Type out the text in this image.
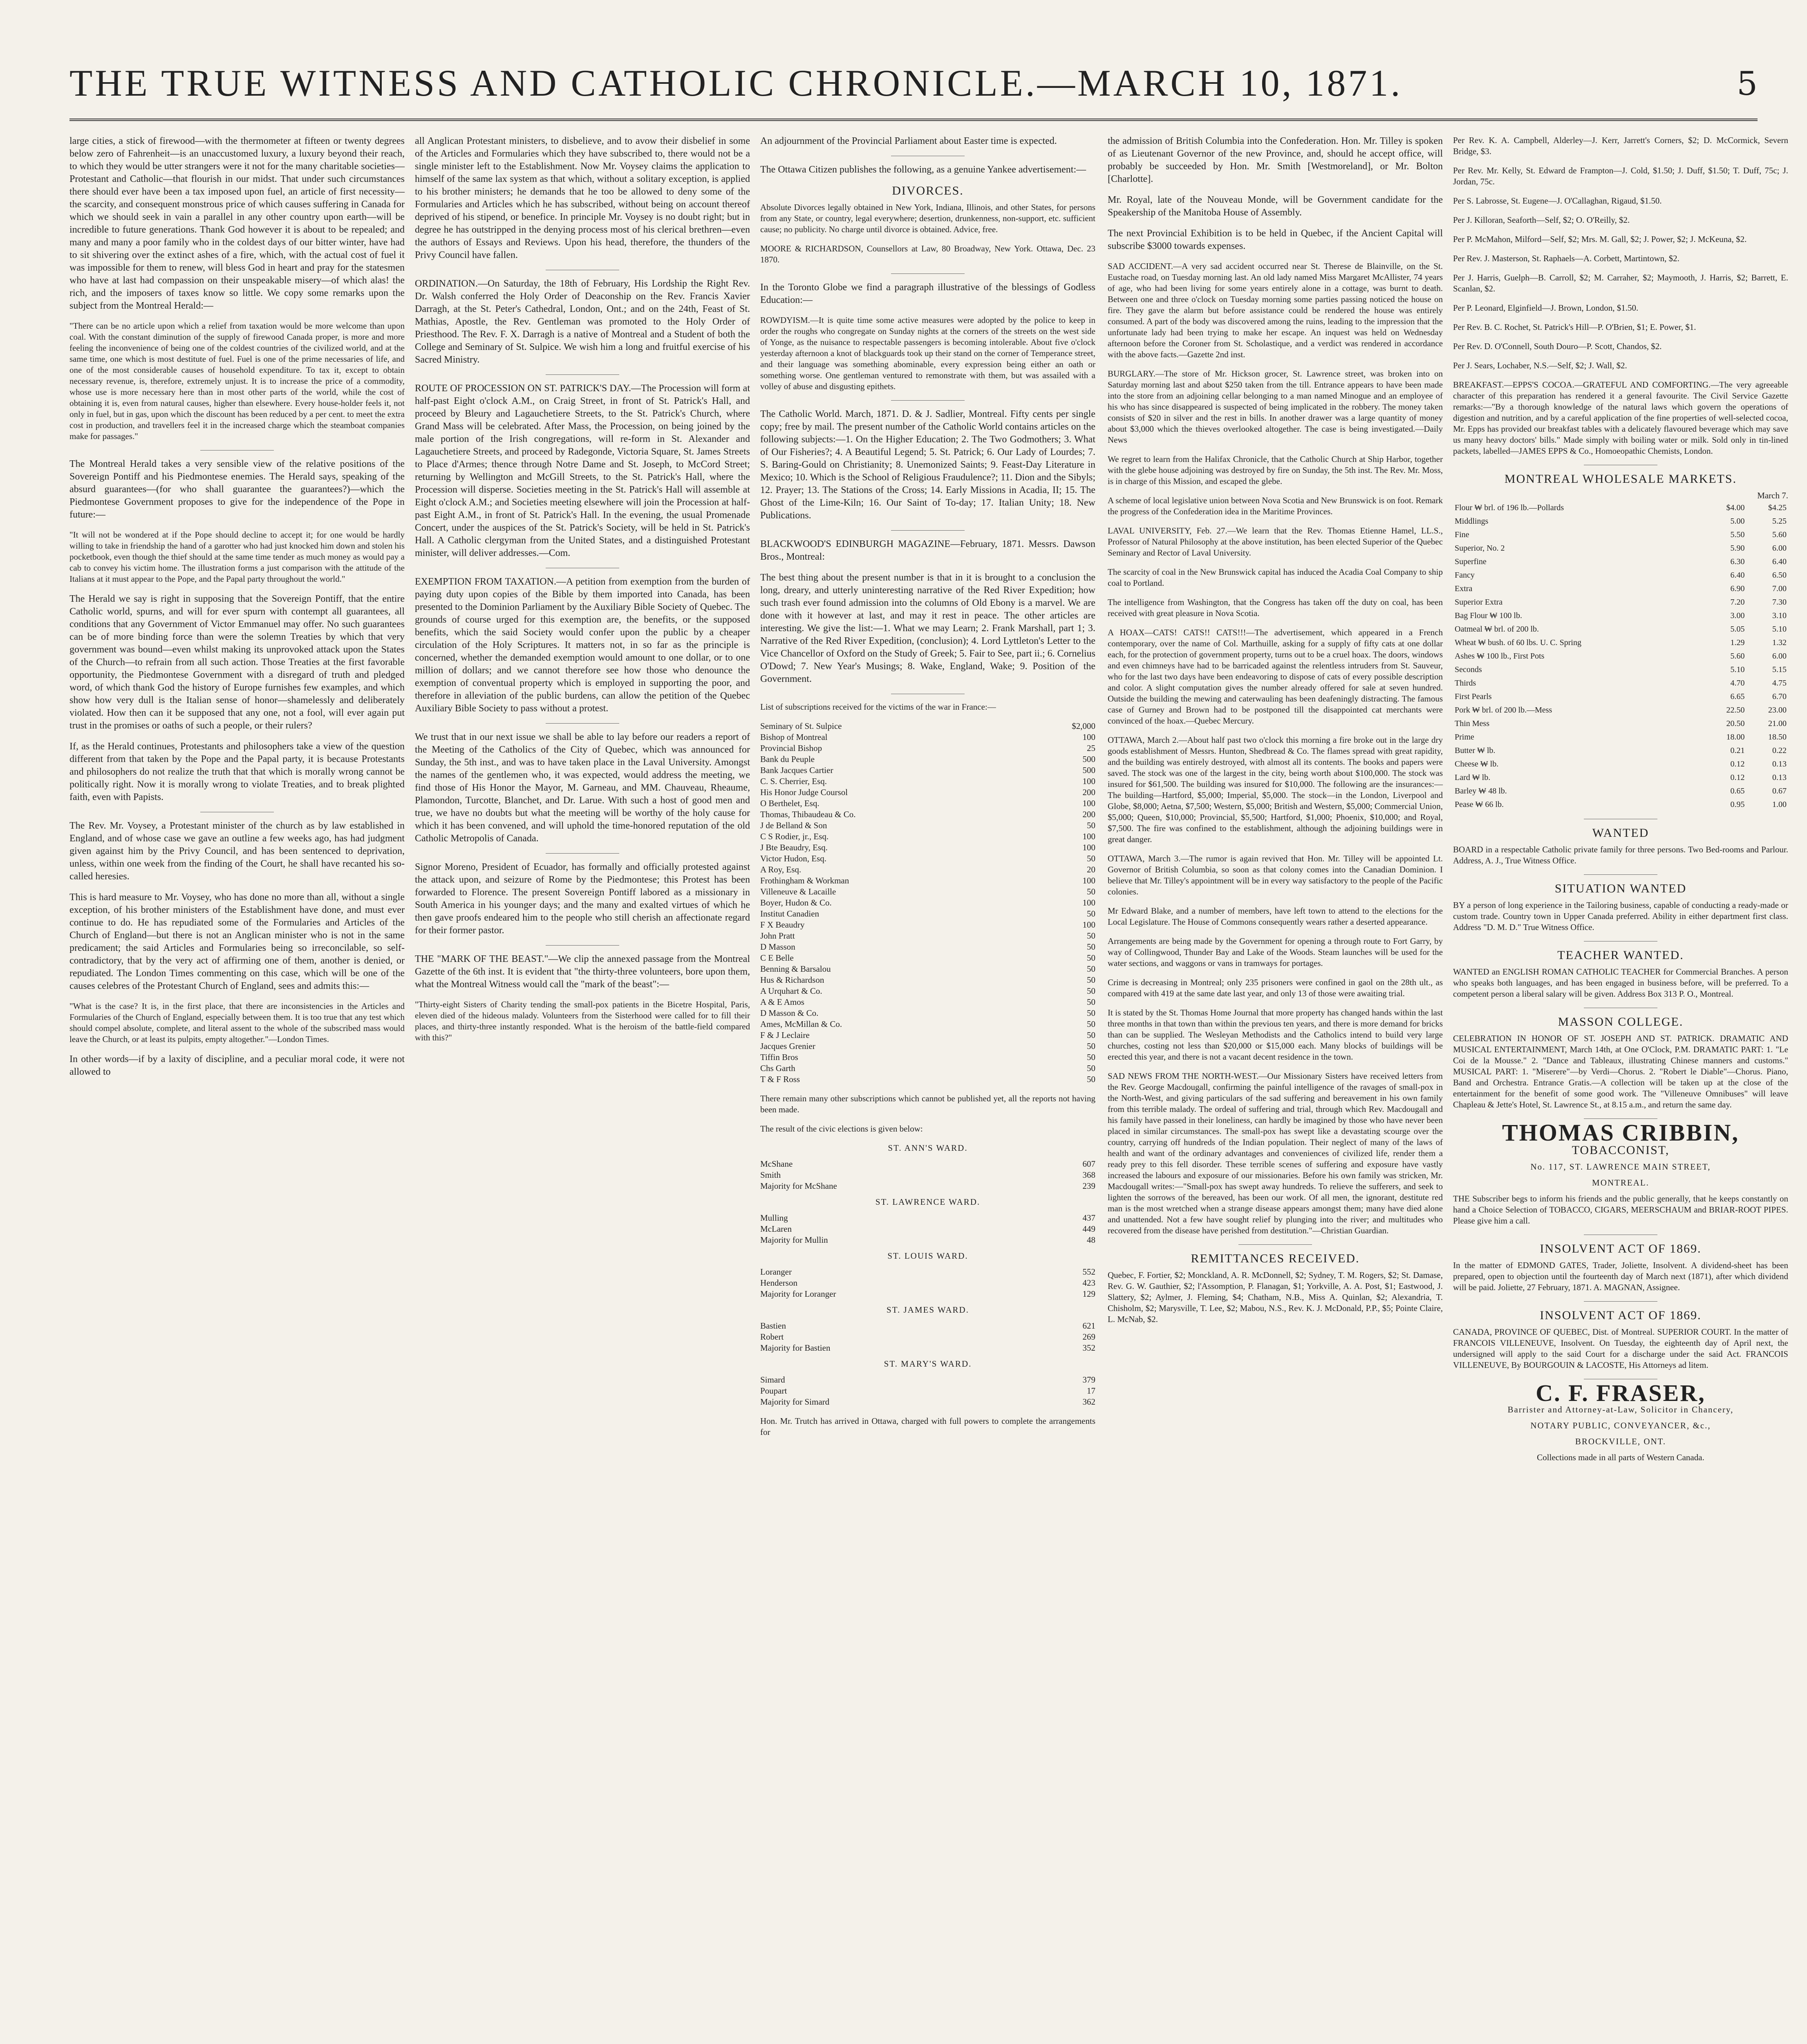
THE TRUE WITNESS AND CATHOLIC CHRONICLE.—MARCH 10, 1871.	5
large cities, a stick of firewood—with the thermometer at fifteen or twenty degrees below zero of Fahrenheit—is an unaccustomed luxury, a luxury beyond their reach, to which they would be utter strangers were it not for the many charitable societies—Protestant and Catholic—that flourish in our midst. That under such circumstances there should ever have been a tax imposed upon fuel, an article of first necessity—the scarcity, and consequent monstrous price of which causes suffering in Canada for which we should seek in vain a parallel in any other country upon earth—will be incredible to future generations. Thank God however it is about to be repealed; and many and many a poor family who in the coldest days of our bitter winter, have had to sit shivering over the extinct ashes of a fire, which, with the actual cost of fuel it was impossible for them to renew, will bless God in heart and pray for the statesmen who have at last had compassion on their unspeakable misery—of which alas! the rich, and the imposers of taxes know so little. We copy some remarks upon the subject from the Montreal Herald:—
"There can be no article upon which a relief from taxation would be more welcome than upon coal. With the constant diminution of the supply of firewood Canada proper, is more and more feeling the inconvenience of being one of the coldest countries of the civilized world, and at the same time, one which is most destitute of fuel. Fuel is one of the prime necessaries of life, and one of the most considerable causes of household expenditure. To tax it, except to obtain necessary revenue, is, therefore, extremely unjust. It is to increase the price of a commodity, whose use is more necessary here than in most other parts of the world, while the cost of obtaining it is, even from natural causes, higher than elsewhere. Every house-holder feels it, not only in fuel, but in gas, upon which the discount has been reduced by a per cent. to meet the extra cost in production, and travellers feel it in the increased charge which the steamboat companies make for passages."
The Montreal Herald takes a very sensible view of the relative positions of the Sovereign Pontiff and his Piedmontese enemies. The Herald says, speaking of the absurd guarantees—(for who shall guarantee the guarantees?)—which the Piedmontese Government proposes to give for the independence of the Pope in future:—
"It will not be wondered at if the Pope should decline to accept it; for one would be hardly willing to take in friendship the hand of a garotter who had just knocked him down and stolen his pocketbook, even though the thief should at the same time tender as much money as would pay a cab to convey his victim home. The illustration forms a just comparison with the attitude of the Italians at it must appear to the Pope, and the Papal party throughout the world."
The Herald we say is right in supposing that the Sovereign Pontiff, that the entire Catholic world, spurns, and will for ever spurn with contempt all guarantees, all conditions that any Government of Victor Emmanuel may offer. No such guarantees can be of more binding force than were the solemn Treaties by which that very government was bound—even whilst making its unprovoked attack upon the States of the Church—to refrain from all such action. Those Treaties at the first favorable opportunity, the Piedmontese Government with a disregard of truth and pledged word, of which thank God the history of Europe furnishes few examples, and which show how very dull is the Italian sense of honor—shamelessly and deliberately violated. How then can it be supposed that any one, not a fool, will ever again put trust in the promises or oaths of such a people, or their rulers?
If, as the Herald continues, Protestants and philosophers take a view of the question different from that taken by the Pope and the Papal party, it is because Protestants and philosophers do not realize the truth that that which is morally wrong cannot be politically right. Now it is morally wrong to violate Treaties, and to break plighted faith, even with Papists.
The Rev. Mr. Voysey, a Protestant minister of the church as by law established in England, and of whose case we gave an outline a few weeks ago, has had judgment given against him by the Privy Council, and has been sentenced to deprivation, unless, within one week from the finding of the Court, he shall have recanted his so-called heresies.
This is hard measure to Mr. Voysey, who has done no more than all, without a single exception, of his brother ministers of the Establishment have done, and must ever continue to do. He has repudiated some of the Formularies and Articles of the Church of England—but there is not an Anglican minister who is not in the same predicament; the said Articles and Formularies being so irreconcilable, so self-contradictory, that by the very act of affirming one of them, another is denied, or repudiated. The London Times commenting on this case, which will be one of the causes celebres of the Protestant Church of England, sees and admits this:—
"What is the case? It is, in the first place, that there are inconsistencies in the Articles and Formularies of the Church of England, especially between them. It is too true that any test which should compel absolute, complete, and literal assent to the whole of the subscribed mass would leave the Church, or at least its pulpits, empty altogether."—London Times.
In other words—if by a laxity of discipline, and a peculiar moral code, it were not allowed to
all Anglican Protestant ministers, to disbelieve, and to avow their disbelief in some of the Articles and Formularies which they have subscribed to, there would not be a single minister left to the Establishment. Now Mr. Voysey claims the application to himself of the same lax system as that which, without a solitary exception, is applied to his brother ministers; he demands that he too be allowed to deny some of the Formularies and Articles which he has subscribed, without being on account thereof deprived of his stipend, or benefice. In principle Mr. Voysey is no doubt right; but in degree he has outstripped in the denying process most of his clerical brethren—even the authors of Essays and Reviews. Upon his head, therefore, the thunders of the Privy Council have fallen.
ORDINATION.—On Saturday, the 18th of February, His Lordship the Right Rev. Dr. Walsh conferred the Holy Order of Deaconship on the Rev. Francis Xavier Darragh, at the St. Peter's Cathedral, London, Ont.; and on the 24th, Feast of St. Mathias, Apostle, the Rev. Gentleman was promoted to the Holy Order of Priesthood. The Rev. F. X. Darragh is a native of Montreal and a Student of both the College and Seminary of St. Sulpice. We wish him a long and fruitful exercise of his Sacred Ministry.
ROUTE OF PROCESSION ON ST. PATRICK'S DAY.—The Procession will form at half-past Eight o'clock A.M., on Craig Street, in front of St. Patrick's Hall, and proceed by Bleury and Lagauchetiere Streets, to the St. Patrick's Church, where Grand Mass will be celebrated. After Mass, the Procession, on being joined by the male portion of the Irish congregations, will re-form in St. Alexander and Lagauchetiere Streets, and proceed by Radegonde, Victoria Square, St. James Streets to Place d'Armes; thence through Notre Dame and St. Joseph, to McCord Street; returning by Wellington and McGill Streets, to the St. Patrick's Hall, where the Procession will disperse. Societies meeting in the St. Patrick's Hall will assemble at Eight o'clock A.M.; and Societies meeting elsewhere will join the Procession at half-past Eight A.M., in front of St. Patrick's Hall. In the evening, the usual Promenade Concert, under the auspices of the St. Patrick's Society, will be held in St. Patrick's Hall. A Catholic clergyman from the United States, and a distinguished Protestant minister, will deliver addresses.—Com.
EXEMPTION FROM TAXATION.—A petition from exemption from the burden of paying duty upon copies of the Bible by them imported into Canada, has been presented to the Dominion Parliament by the Auxiliary Bible Society of Quebec. The grounds of course urged for this exemption are, the benefits, or the supposed benefits, which the said Society would confer upon the public by a cheaper circulation of the Holy Scriptures. It matters not, in so far as the principle is concerned, whether the demanded exemption would amount to one dollar, or to one million of dollars; and we cannot therefore see how those who denounce the exemption of conventual property which is employed in supporting the poor, and therefore in alleviation of the public burdens, can allow the petition of the Quebec Auxiliary Bible Society to pass without a protest.
We trust that in our next issue we shall be able to lay before our readers a report of the Meeting of the Catholics of the City of Quebec, which was announced for Sunday, the 5th inst., and was to have taken place in the Laval University. Amongst the names of the gentlemen who, it was expected, would address the meeting, we find those of His Honor the Mayor, M. Garneau, and MM. Chauveau, Rheaume, Plamondon, Turcotte, Blanchet, and Dr. Larue. With such a host of good men and true, we have no doubts but what the meeting will be worthy of the holy cause for which it has been convened, and will uphold the time-honored reputation of the old Catholic Metropolis of Canada.
Signor Moreno, President of Ecuador, has formally and officially protested against the attack upon, and seizure of Rome by the Piedmontese; this Protest has been forwarded to Florence. The present Sovereign Pontiff labored as a missionary in South America in his younger days; and the many and exalted virtues of which he then gave proofs endeared him to the people who still cherish an affectionate regard for their former pastor.
THE "MARK OF THE BEAST."—We clip the annexed passage from the Montreal Gazette of the 6th inst. It is evident that "the thirty-three volunteers, bore upon them, what the Montreal Witness would call the "mark of the beast":—
"Thirty-eight Sisters of Charity tending the small-pox patients in the Bicetre Hospital, Paris, eleven died of the hideous malady. Volunteers from the Sisterhood were called for to fill their places, and thirty-three instantly responded. What is the heroism of the battle-field compared with this?"
An adjournment of the Provincial Parliament about Easter time is expected.
The Ottawa Citizen publishes the following, as a genuine Yankee advertisement:—
DIVORCES.
Absolute Divorces legally obtained in New York, Indiana, Illinois, and other States, for persons from any State, or country, legal everywhere; desertion, drunkenness, non-support, etc. sufficient cause; no publicity. No charge until divorce is obtained. Advice, free.
MOORE & RICHARDSON, Counsellors at Law, 80 Broadway, New York. Ottawa, Dec. 23 1870.
In the Toronto Globe we find a paragraph illustrative of the blessings of Godless Education:—
ROWDYISM.—It is quite time some active measures were adopted by the police to keep in order the roughs who congregate on Sunday nights at the corners of the streets on the west side of Yonge, as the nuisance to respectable passengers is becoming intolerable. About five o'clock yesterday afternoon a knot of blackguards took up their stand on the corner of Temperance street, and their language was something abominable, every expression being either an oath or something worse. One gentleman ventured to remonstrate with them, but was assailed with a volley of abuse and disgusting epithets.
The Catholic World. March, 1871. D. & J. Sadlier, Montreal. Fifty cents per single copy; free by mail. The present number of the Catholic World contains articles on the following subjects:—1. On the Higher Education; 2. The Two Godmothers; 3. What of Our Fisheries?; 4. A Beautiful Legend; 5. St. Patrick; 6. Our Lady of Lourdes; 7. S. Baring-Gould on Christianity; 8. Unemonized Saints; 9. Feast-Day Literature in Mexico; 10. Which is the School of Religious Fraudulence?; 11. Dion and the Sibyls; 12. Prayer; 13. The Stations of the Cross; 14. Early Missions in Acadia, II; 15. The Ghost of the Lime-Kiln; 16. Our Saint of To-day; 17. Italian Unity; 18. New Publications.
BLACKWOOD'S EDINBURGH MAGAZINE—February, 1871. Messrs. Dawson Bros., Montreal:
The best thing about the present number is that in it is brought to a conclusion the long, dreary, and utterly uninteresting narrative of the Red River Expedition; how such trash ever found admission into the columns of Old Ebony is a marvel. We are done with it however at last, and may it rest in peace. The other articles are interesting. We give the list:—1. What we may Learn; 2. Frank Marshall, part 1; 3. Narrative of the Red River Expedition, (conclusion); 4. Lord Lyttleton's Letter to the Vice Chancellor of Oxford on the Study of Greek; 5. Fair to See, part ii.; 6. Cornelius O'Dowd; 7. New Year's Musings; 8. Wake, England, Wake; 9. Position of the Government.
List of subscriptions received for the victims of the war in France:—
Seminary of St. Sulpice	$2,000
Bishop of Montreal	100
Provincial Bishop	25
Bank du Peuple	500
Bank Jacques Cartier	500
C. S. Cherrier, Esq.	100
His Honor Judge Coursol	200
O Berthelet, Esq.	100
Thomas, Thibaudeau & Co.	200
J de Belland & Son	50
C S Rodier, jr., Esq.	100
J Bte Beaudry, Esq.	100
Victor Hudon, Esq.	50
A Roy, Esq.	20
Frothingham & Workman	100
Villeneuve & Lacaille	50
Boyer, Hudon & Co.	100
Institut Canadien	50
F X Beaudry	100
John Pratt	50
D Masson	50
C E Belle	50
Benning & Barsalou	50
Hus & Richardson	50
A Urquhart & Co.	50
A & E Amos	50
D Masson & Co.	50
Ames, McMillan & Co.	50
F & J Leclaire	50
Jacques Grenier	50
Tiffin Bros	50
Chs Garth	50
T & F Ross	50
There remain many other subscriptions which cannot be published yet, all the reports not having been made.
The result of the civic elections is given below:
ST. ANN'S WARD.
McShane	607
Smith	368
Majority for McShane	239
ST. LAWRENCE WARD.
Mulling	437
McLaren	449
Majority for Mullin	48
ST. LOUIS WARD.
Loranger	552
Henderson	423
Majority for Loranger	129
ST. JAMES WARD.
Bastien	621
Robert	269
Majority for Bastien	352
ST. MARY'S WARD.
Simard	379
Poupart	17
Majority for Simard	362
Hon. Mr. Trutch has arrived in Ottawa, charged with full powers to complete the arrangements for
the admission of British Columbia into the Confederation. Hon. Mr. Tilley is spoken of as Lieutenant Governor of the new Province, and, should he accept office, will probably be succeeded by Hon. Mr. Smith [Westmoreland], or Mr. Bolton [Charlotte].
Mr. Royal, late of the Nouveau Monde, will be Government candidate for the Speakership of the Manitoba House of Assembly.
The next Provincial Exhibition is to be held in Quebec, if the Ancient Capital will subscribe $3000 towards expenses.
SAD ACCIDENT.—A very sad accident occurred near St. Therese de Blainville, on the St. Eustache road, on Tuesday morning last. An old lady named Miss Margaret McAllister, 74 years of age, who had been living for some years entirely alone in a cottage, was burnt to death. Between one and three o'clock on Tuesday morning some parties passing noticed the house on fire. They gave the alarm but before assistance could be rendered the house was entirely consumed. A part of the body was discovered among the ruins, leading to the impression that the unfortunate lady had been trying to make her escape. An inquest was held on Wednesday afternoon before the Coroner from St. Scholastique, and a verdict was rendered in accordance with the above facts.—Gazette 2nd inst.
BURGLARY.—The store of Mr. Hickson grocer, St. Lawrence street, was broken into on Saturday morning last and about $250 taken from the till. Entrance appears to have been made into the store from an adjoining cellar belonging to a man named Minogue and an employee of his who has since disappeared is suspected of being implicated in the robbery. The money taken consists of $20 in silver and the rest in bills. In another drawer was a large quantity of money about $3,000 which the thieves overlooked altogether. The case is being investigated.—Daily News
We regret to learn from the Halifax Chronicle, that the Catholic Church at Ship Harbor, together with the glebe house adjoining was destroyed by fire on Sunday, the 5th inst. The Rev. Mr. Moss, is in charge of this Mission, and escaped the glebe.
A scheme of local legislative union between Nova Scotia and New Brunswick is on foot. Remark the progress of the Confederation idea in the Maritime Provinces.
LAVAL UNIVERSITY, Feb. 27.—We learn that the Rev. Thomas Etienne Hamel, LL.S., Professor of Natural Philosophy at the above institution, has been elected Superior of the Quebec Seminary and Rector of Laval University.
The scarcity of coal in the New Brunswick capital has induced the Acadia Coal Company to ship coal to Portland.
The intelligence from Washington, that the Congress has taken off the duty on coal, has been received with great pleasure in Nova Scotia.
A HOAX—CATS! CATS!! CATS!!!—The advertisement, which appeared in a French contemporary, over the name of Col. Marthuille, asking for a supply of fifty cats at one dollar each, for the protection of government property, turns out to be a cruel hoax. The doors, windows and even chimneys have had to be barricaded against the relentless intruders from St. Sauveur, who for the last two days have been endeavoring to dispose of cats of every possible description and color. A slight computation gives the number already offered for sale at seven hundred. Outside the building the mewing and caterwauling has been deafeningly distracting. The famous case of Gurney and Brown had to be postponed till the disappointed cat merchants were convinced of the hoax.—Quebec Mercury.
OTTAWA, March 2.—About half past two o'clock this morning a fire broke out in the large dry goods establishment of Messrs. Hunton, Shedbread & Co. The flames spread with great rapidity, and the building was entirely destroyed, with almost all its contents. The books and papers were saved. The stock was one of the largest in the city, being worth about $100,000. The stock was insured for $61,500. The building was insured for $10,000. The following are the insurances:—The building—Hartford, $5,000; Imperial, $5,000. The stock—in the London, Liverpool and Globe, $8,000; Aetna, $7,500; Western, $5,000; British and Western, $5,000; Commercial Union, $5,000; Queen, $10,000; Provincial, $5,500; Hartford, $1,000; Phoenix, $10,000; and Royal, $7,500. The fire was confined to the establishment, although the adjoining buildings were in great danger.
OTTAWA, March 3.—The rumor is again revived that Hon. Mr. Tilley will be appointed Lt. Governor of British Columbia, so soon as that colony comes into the Canadian Dominion. I believe that Mr. Tilley's appointment will be in every way satisfactory to the people of the Pacific colonies.
Mr Edward Blake, and a number of members, have left town to attend to the elections for the Local Legislature. The House of Commons consequently wears rather a deserted appearance.
Arrangements are being made by the Government for opening a through route to Fort Garry, by way of Collingwood, Thunder Bay and Lake of the Woods. Steam launches will be used for the water sections, and waggons or vans in tramways for portages.
Crime is decreasing in Montreal; only 235 prisoners were confined in gaol on the 28th ult., as compared with 419 at the same date last year, and only 13 of those were awaiting trial.
It is stated by the St. Thomas Home Journal that more property has changed hands within the last three months in that town than within the previous ten years, and there is more demand for bricks than can be supplied. The Wesleyan Methodists and the Catholics intend to build very large churches, costing not less than $20,000 or $15,000 each. Many blocks of buildings will be erected this year, and there is not a vacant decent residence in the town.
SAD NEWS FROM THE NORTH-WEST.—Our Missionary Sisters have received letters from the Rev. George Macdougall, confirming the painful intelligence of the ravages of small-pox in the North-West, and giving particulars of the sad suffering and bereavement in his own family from this terrible malady. The ordeal of suffering and trial, through which Rev. Macdougall and his family have passed in their loneliness, can hardly be imagined by those who have never been placed in similar circumstances. The small-pox has swept like a devastating scourge over the country, carrying off hundreds of the Indian population. Their neglect of many of the laws of health and want of the ordinary advantages and conveniences of civilized life, render them a ready prey to this fell disorder. These terrible scenes of suffering and exposure have vastly increased the labours and exposure of our missionaries. Before his own family was stricken, Mr. Macdougall writes:—"Small-pox has swept away hundreds. To relieve the sufferers, and seek to lighten the sorrows of the bereaved, has been our work. Of all men, the ignorant, destitute red man is the most wretched when a strange disease appears amongst them; many have died alone and unattended. Not a few have sought relief by plunging into the river; and multitudes who recovered from the disease have perished from destitution."—Christian Guardian.
REMITTANCES RECEIVED.
Quebec, F. Fortier, $2; Monckland, A. R. McDonnell, $2; Sydney, T. M. Rogers, $2; St. Damase, Rev. G. W. Gauthier, $2; l'Assomption, P. Flanagan, $1; Yorkville, A. A. Post, $1; Eastwood, J. Slattery, $2; Aylmer, J. Fleming, $4; Chatham, N.B., Miss A. Quinlan, $2; Alexandria, T. Chisholm, $2; Marysville, T. Lee, $2; Mabou, N.S., Rev. K. J. McDonald, P.P., $5; Pointe Claire, L. McNab, $2.
Per Rev. K. A. Campbell, Alderley—J. Kerr, Jarrett's Corners, $2; D. McCormick, Severn Bridge, $3.
Per Rev. Mr. Kelly, St. Edward de Frampton—J. Cold, $1.50; J. Duff, $1.50; T. Duff, 75c; J. Jordan, 75c.
Per S. Labrosse, St. Eugene—J. O'Callaghan, Rigaud, $1.50.
Per J. Killoran, Seaforth—Self, $2; O. O'Reilly, $2.
Per P. McMahon, Milford—Self, $2; Mrs. M. Gall, $2; J. Power, $2; J. McKeuna, $2.
Per Rev. J. Masterson, St. Raphaels—A. Corbett, Martintown, $2.
Per J. Harris, Guelph—B. Carroll, $2; M. Carraher, $2; Maymooth, J. Harris, $2; Barrett, E. Scanlan, $2.
Per P. Leonard, Elginfield—J. Brown, London, $1.50.
Per Rev. B. C. Rochet, St. Patrick's Hill—P. O'Brien, $1; E. Power, $1.
Per Rev. D. O'Connell, South Douro—P. Scott, Chandos, $2.
Per J. Sears, Lochaber, N.S.—Self, $2; J. Wall, $2.
BREAKFAST.—EPPS'S COCOA.—GRATEFUL AND COMFORTING.—The very agreeable character of this preparation has rendered it a general favourite. The Civil Service Gazette remarks:—"By a thorough knowledge of the natural laws which govern the operations of digestion and nutrition, and by a careful application of the fine properties of well-selected cocoa, Mr. Epps has provided our breakfast tables with a delicately flavoured beverage which may save us many heavy doctors' bills." Made simply with boiling water or milk. Sold only in tin-lined packets, labelled—JAMES EPPS & Co., Homoeopathic Chemists, London.
MONTREAL WHOLESALE MARKETS.
March 7.
Flour ₩ brl. of 196 lb.—Pollards	$4.00	$4.25
Middlings	5.00	5.25
Fine	5.50	5.60
Superior, No. 2	5.90	6.00
Superfine	6.30	6.40
Fancy	6.40	6.50
Extra	6.90	7.00
Superior Extra	7.20	7.30
Bag Flour ₩ 100 lb.	3.00	3.10
Oatmeal ₩ brl. of 200 lb.	5.05	5.10
Wheat ₩ bush. of 60 lbs. U. C. Spring	1.29	1.32
Ashes ₩ 100 lb., First Pots	5.60	6.00
Seconds	5.10	5.15
Thirds	4.70	4.75
First Pearls	6.65	6.70
Pork ₩ brl. of 200 lb.—Mess	22.50	23.00
Thin Mess	20.50	21.00
Prime	18.00	18.50
Butter ₩ lb.	0.21	0.22
Cheese ₩ lb.	0.12	0.13
Lard ₩ lb.	0.12	0.13
Barley ₩ 48 lb.	0.65	0.67
Pease ₩ 66 lb.	0.95	1.00
WANTED
BOARD in a respectable Catholic private family for three persons. Two Bed-rooms and Parlour. Address, A. J., True Witness Office.
SITUATION WANTED
BY a person of long experience in the Tailoring business, capable of conducting a ready-made or custom trade. Country town in Upper Canada preferred. Ability in either department first class. Address "D. M. D." True Witness Office.
TEACHER WANTED.
WANTED an ENGLISH ROMAN CATHOLIC TEACHER for Commercial Branches. A person who speaks both languages, and has been engaged in business before, will be preferred. To a competent person a liberal salary will be given. Address Box 313 P. O., Montreal.
MASSON COLLEGE.
CELEBRATION IN HONOR OF ST. JOSEPH AND ST. PATRICK. DRAMATIC AND MUSICAL ENTERTAINMENT, March 14th, at One O'Clock, P.M. DRAMATIC PART: 1. "Le Coi de la Mousse." 2. "Dance and Tableaux, illustrating Chinese manners and customs." MUSICAL PART: 1. "Miserere"—by Verdi—Chorus. 2. "Robert le Diable"—Chorus. Piano, Band and Orchestra. Entrance Gratis.—A collection will be taken up at the close of the entertainment for the benefit of some good work. The "Villeneuve Omnibuses" will leave Chapleau & Jette's Hotel, St. Lawrence St., at 8.15 a.m., and return the same day.
THOMAS CRIBBIN,
TOBACCONIST,
No. 117, ST. LAWRENCE MAIN STREET,
MONTREAL.
THE Subscriber begs to inform his friends and the public generally, that he keeps constantly on hand a Choice Selection of TOBACCO, CIGARS, MEERSCHAUM and BRIAR-ROOT PIPES. Please give him a call.
INSOLVENT ACT OF 1869.
In the matter of EDMOND GATES, Trader, Joliette, Insolvent. A dividend-sheet has been prepared, open to objection until the fourteenth day of March next (1871), after which dividend will be paid. Joliette, 27 February, 1871. A. MAGNAN, Assignee.
INSOLVENT ACT OF 1869.
CANADA, PROVINCE OF QUEBEC, Dist. of Montreal. SUPERIOR COURT. In the matter of FRANCOIS VILLENEUVE, Insolvent. On Tuesday, the eighteenth day of April next, the undersigned will apply to the said Court for a discharge under the said Act. FRANCOIS VILLENEUVE, By BOURGOUIN & LACOSTE, His Attorneys ad litem.
C. F. FRASER,
Barrister and Attorney-at-Law, Solicitor in Chancery,
NOTARY PUBLIC, CONVEYANCER, &c.,
BROCKVILLE, ONT.
Collections made in all parts of Western Canada.
